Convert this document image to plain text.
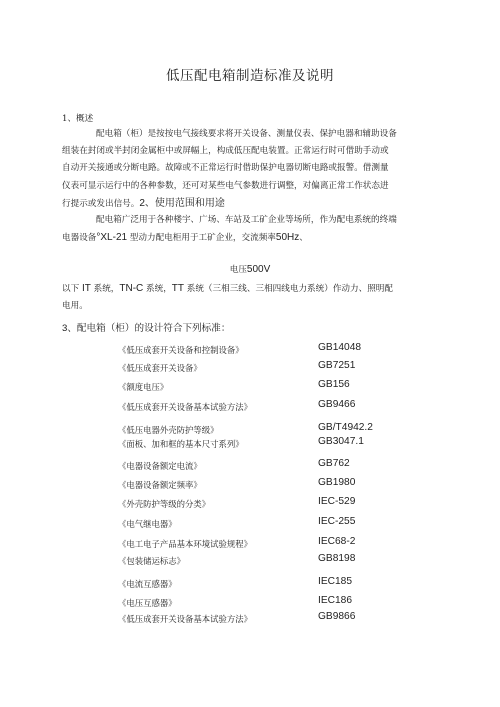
低压配电箱制造标准及说明
1、概述
配电箱（柜）是按按电气接线要求将开关设备、测量仪表、保护电器和辅助设备
组装在封闭或半封闭金属柜中或屏幅上，构成低压配电装置。正常运行时可借助手动或
自动开关接通或分断电路。故障或不正常运行时借助保护电器切断电路或报警。借测量
仪表可显示运行中的各种参数，还可对某些电气参数进行调整，对偏离正常工作状态进
行提示或发出信号。2、使用范围和用途
配电箱广泛用于各种楼宇、广场、车站及工矿企业等场所，作为配电系统的终端
电器设备°XL-21 型动力配电柜用于工矿企业，交流频率50Hz、
电压500V
以下 IT 系统，TN-C 系统，TT 系统（三相三线、三相四线电力系统）作动力、照明配
电用。
3、配电箱（柜）的设计符合下列标准：
《低压成套开关设备和控制设备》	GB14048
《低压成套开关设备》	GB7251
《额度电压》	GB156
《低压成套开关设备基本试验方法》	GB9466
《低压电器外壳防护等级》	GB/T4942.2
《面板、加和框的基本尺寸系列》	GB3047.1
《电器设备额定电流》	GB762
《电器设备额定频率》	GB1980
《外壳防护等级的分类》	IEC-529
《电气继电器》	IEC-255
《电工电子产品基本环境试验规程》	IEC68-2
《包装储运标志》	GB8198
《电流互感器》	IEC185
《电压互感器》	IEC186
《低压成套开关设备基本试验方法》	GB9866
